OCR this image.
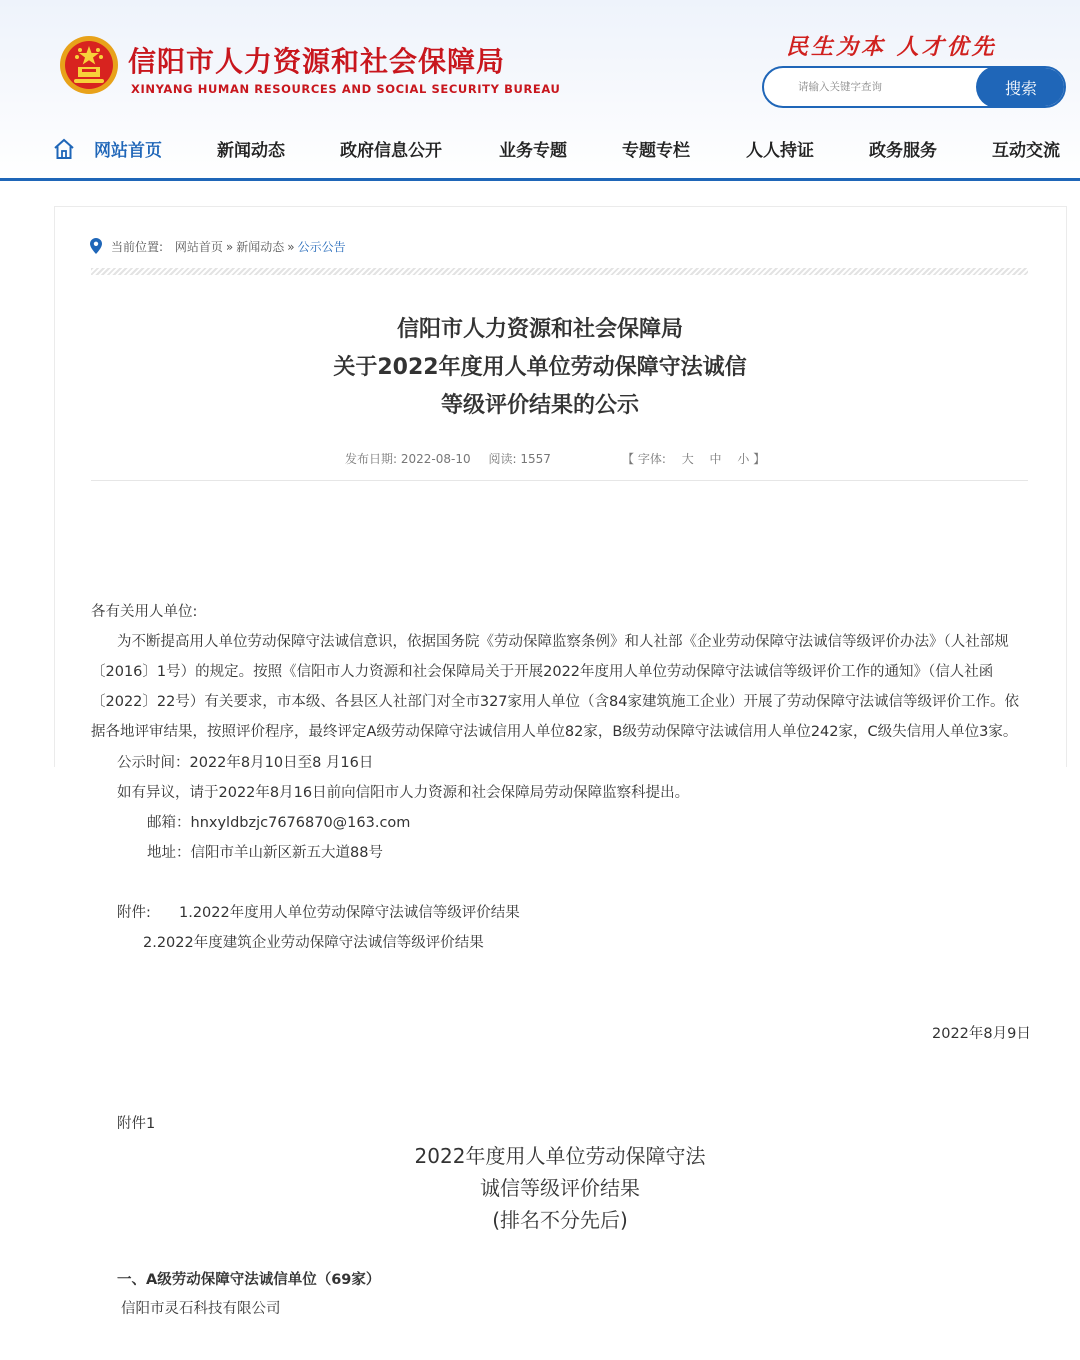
信阳市人力资源和社会保障局
XINYANG HUMAN RESOURCES AND SOCIAL SECURITY BUREAU
民生为本 人才优先
请输入关键字查询
搜索
网站首页	新闻动态	政府信息公开	业务专题	专题专栏	人人持证	政务服务	互动交流
当前位置: 网站首页 » 新闻动态 » 公示公告
信阳市人力资源和社会保障局
关于2022年度用人单位劳动保障守法诚信
等级评价结果的公示
发布日期: 2022-08-10 阅读: 1557	【 字体: 大 中 小 】
各有关用人单位:
为不断提高用人单位劳动保障守法诚信意识，依据国务院《劳动保障监察条例》和人社部《企业劳动保障守法诚信等级评价办法》（人社部规
〔2016〕1号）的规定。按照《信阳市人力资源和社会保障局关于开展2022年度用人单位劳动保障守法诚信等级评价工作的通知》（信人社函
〔2022〕22号）有关要求，市本级、各县区人社部门对全市327家用人单位（含84家建筑施工企业）开展了劳动保障守法诚信等级评价工作。依
据各地评审结果，按照评价程序，最终评定A级劳动保障守法诚信用人单位82家，B级劳动保障守法诚信用人单位242家，C级失信用人单位3家。
公示时间：2022年8月10日至8 月16日
如有异议，请于2022年8月16日前向信阳市人力资源和社会保障局劳动保障监察科提出。
邮箱：hnxyldbzjc7676870@163.com
地址：信阳市羊山新区新五大道88号
附件: 1.2022年度用人单位劳动保障守法诚信等级评价结果
2.2022年度建筑企业劳动保障守法诚信等级评价结果
2022年8月9日
附件1
2022年度用人单位劳动保障守法
诚信等级评价结果
(排名不分先后)
一、A级劳动保障守法诚信单位（69家）
信阳市灵石科技有限公司
